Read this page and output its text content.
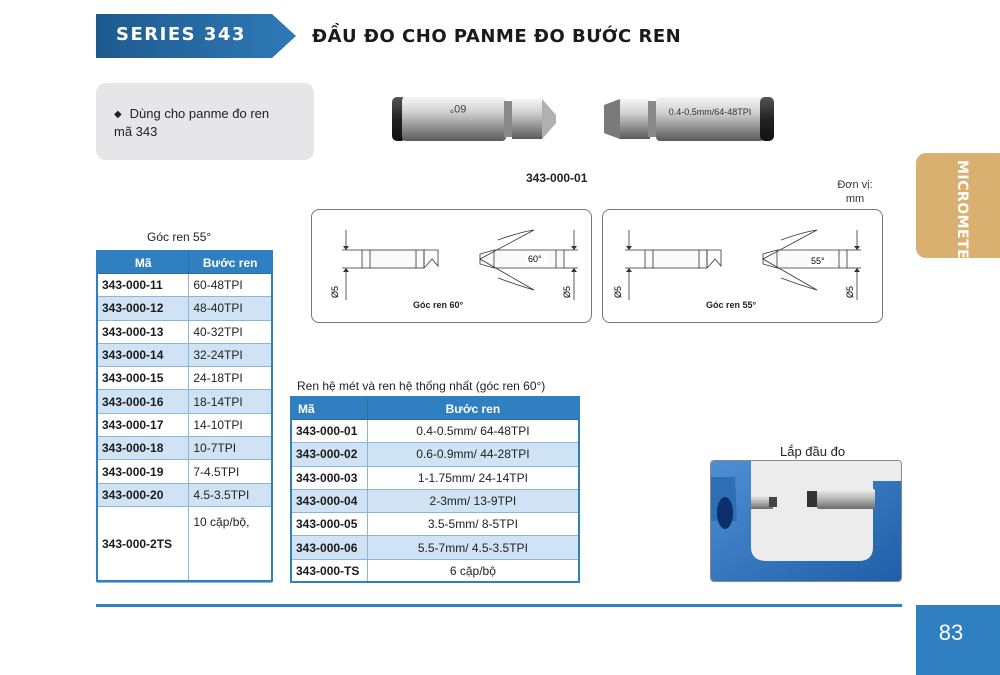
SERIES 343	ĐẦU ĐO CHO PANME ĐO BƯỚC REN
◆ Dùng cho panme đo ren
mã 343
60°	0.4-0.5mm/64-48TPI
343-000-01	Đơn vị:
mm	MICROMETER
Ø5	Ø5
60°
Góc ren 60°
Ø5	Ø5
55°
Góc ren 55°
Góc ren 55°
Mã	Bước ren
343-000-11	60-48TPI
343-000-12	48-40TPI
343-000-13	40-32TPI
343-000-14	32-24TPI
343-000-15	24-18TPI
343-000-16	18-14TPI
343-000-17	14-10TPI
343-000-18	10-7TPI
343-000-19	7-4.5TPI
343-000-20	4.5-3.5TPI
343-000-2TS	10 cặp/bộ,
Ren hệ mét và ren hệ thống nhất (góc ren 60°)
Mã	Bước ren
343-000-01	0.4-0.5mm/ 64-48TPI
343-000-02	0.6-0.9mm/ 44-28TPI
343-000-03	1-1.75mm/ 24-14TPI
343-000-04	2-3mm/ 13-9TPI
343-000-05	3.5-5mm/ 8-5TPI
343-000-06	5.5-7mm/ 4.5-3.5TPI
343-000-TS	6 cặp/bộ
Lắp đầu đo
83
